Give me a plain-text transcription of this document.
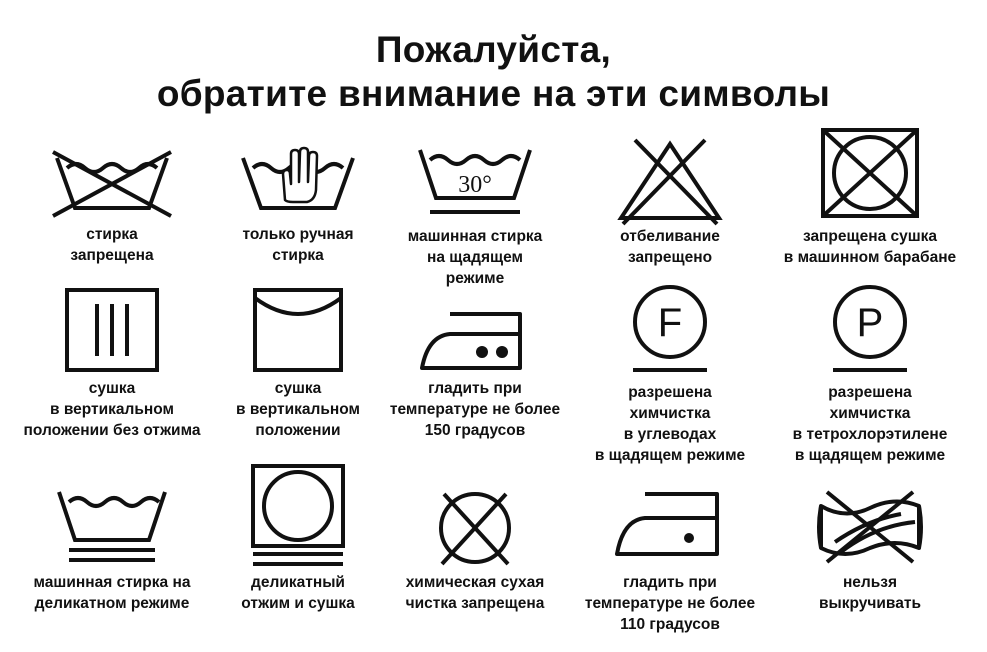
Пожалуйста,
обратите внимание на эти символы
стирка
запрещена
только ручная
стирка
30°
машинная стирка
на щадящем
режиме
отбеливание
запрещено
запрещена сушка
в машинном барабане
сушка
в вертикальном
положении без отжима
сушка
в вертикальном
положении
гладить при
температуре не более
150 градусов
F
разрешена
химчистка
в углеводах
в щадящем режиме
P
разрешена
химчистка
в тетрохлорэтилене
в щадящем режиме
машинная стирка на
деликатном режиме
деликатный
отжим и сушка
химическая сухая
чистка запрещена
гладить при
температуре не более
110 градусов
нельзя
выкручивать
